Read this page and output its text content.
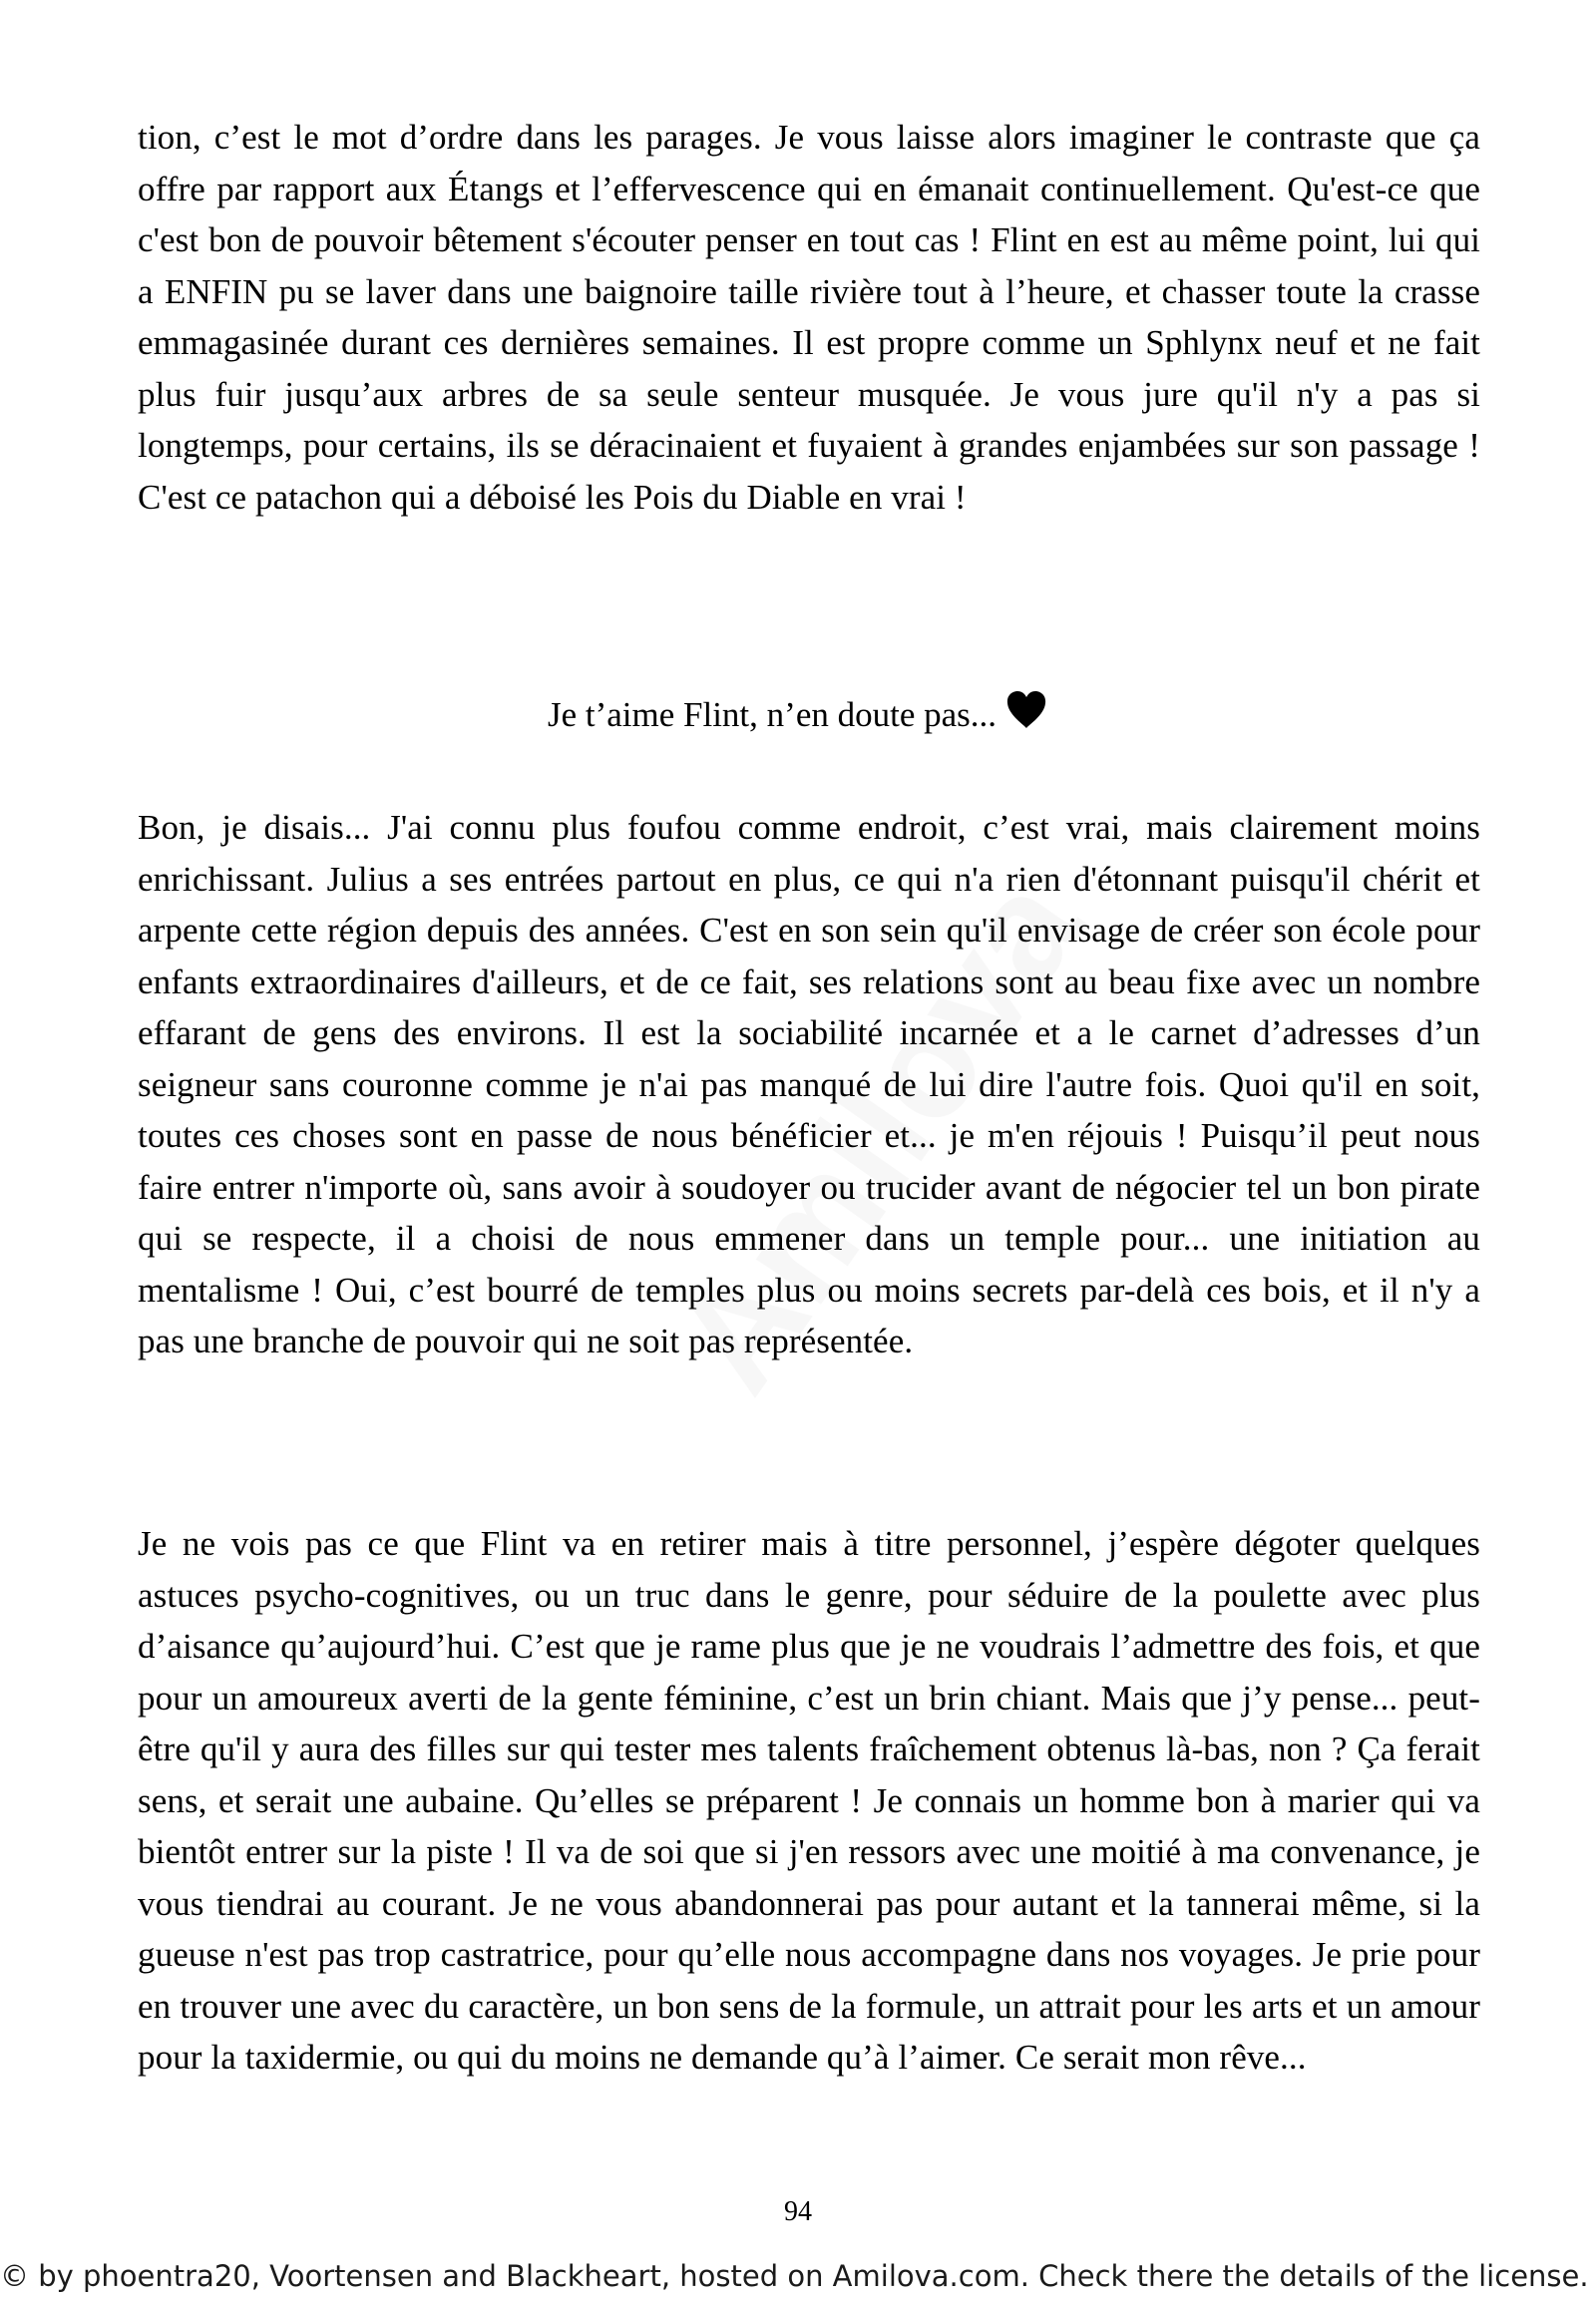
tion, c’est le mot d’ordre dans les parages. Je vous laisse alors imaginer le contraste que ça offre par rapport aux Étangs et l’effervescence qui en émanait continuellement. Qu'est-ce que c'est bon de pouvoir bêtement s'écouter penser en tout cas ! Flint en est au même point, lui qui a ENFIN pu se laver dans une baignoire taille rivière tout à l’heure, et chasser toute la crasse emmagasinée durant ces dernières semaines. Il est propre comme un Sphlynx neuf et ne fait plus fuir jusqu’aux arbres de sa seule senteur musquée. Je vous jure qu'il n'y a pas si longtemps, pour certains, ils se déracinaient et fuyaient à grandes enjambées sur son passage ! C'est ce patachon qui a déboisé les Pois du Diable en vrai !

Je t’aime Flint, n’en doute pas...

Bon, je disais... J'ai connu plus foufou comme endroit, c’est vrai, mais clairement moins enrichissant. Julius a ses entrées partout en plus, ce qui n'a rien d'étonnant puisqu'il chérit et arpente cette région depuis des années. C'est en son sein qu'il envisage de créer son école pour enfants extraordinaires d'ailleurs, et de ce fait, ses relations sont au beau fixe avec un nombre effarant de gens des environs. Il est la sociabilité incarnée et a le carnet d’adresses d’un seigneur sans couronne comme je n'ai pas manqué de lui dire l'autre fois. Quoi qu'il en soit, toutes ces choses sont en passe de nous bénéficier et... je m'en réjouis ! Puisqu’il peut nous faire entrer n'importe où, sans avoir à soudoyer ou trucider avant de négocier tel un bon pirate qui se respecte, il a choisi de nous emmener dans un temple pour... une initiation au mentalisme ! Oui, c’est bourré de temples plus ou moins secrets par-delà ces bois, et il n'y a pas une branche de pouvoir qui ne soit pas représentée.

Je ne vois pas ce que Flint va en retirer mais à titre personnel, j’espère dégoter quelques astuces psycho-cognitives, ou un truc dans le genre, pour séduire de la poulette avec plus d’aisance qu’aujourd’hui. C’est que je rame plus que je ne voudrais l’admettre des fois, et que pour un amoureux averti de la gente féminine, c’est un brin chiant. Mais que j’y pense... peut-être qu'il y aura des filles sur qui tester mes talents fraîchement obtenus là-bas, non ? Ça ferait sens, et serait une aubaine. Qu’elles se préparent ! Je connais un homme bon à marier qui va bientôt entrer sur la piste ! Il va de soi que si j'en ressors avec une moitié à ma convenance, je vous tiendrai au courant. Je ne vous abandonnerai pas pour autant et la tannerai même, si la gueuse n'est pas trop castratrice, pour qu’elle nous accompagne dans nos voyages. Je prie pour en trouver une avec du caractère, un bon sens de la formule, un attrait pour les arts et un amour pour la taxidermie, ou qui du moins ne demande qu’à l’aimer. Ce serait mon rêve...

94
© by phoentra20, Voortensen and Blackheart, hosted on Amilova.com. Check there the details of the license.
